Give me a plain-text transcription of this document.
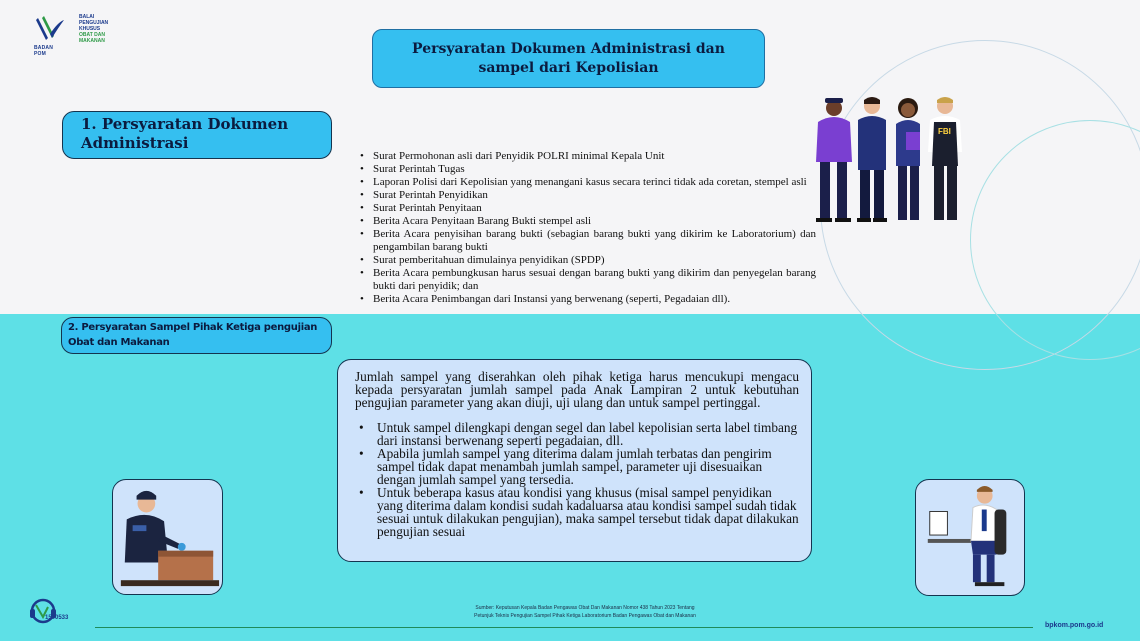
BADAN POM
BALAI
PENGUJIAN
KHUSUS
OBAT DAN
MAKANAN	Persyaratan Dokumen Administrasi dan sampel dari Kepolisian
1. Persyaratan Dokumen Administrasi
• Surat Permohonan asli dari Penyidik POLRI minimal Kepala Unit
• Surat Perintah Tugas
• Laporan Polisi dari Kepolisian yang menangani kasus secara terinci tidak ada coretan, stempel asli
• Surat Perintah Penyidikan
• Surat Perintah Penyitaan
• Berita Acara Penyitaan Barang Bukti stempel asli
• Berita Acara penyisihan barang bukti (sebagian barang bukti yang dikirim ke Laboratorium) dan pengambilan barang bukti
• Surat pemberitahuan dimulainya penyidikan (SPDP)
• Berita Acara pembungkusan harus sesuai dengan barang bukti yang dikirim dan penyegelan barang bukti dari penyidik; dan
• Berita Acara Penimbangan dari Instansi yang berwenang (seperti, Pegadaian dll).
FBI
2. Persyaratan Sampel Pihak Ketiga pengujian Obat dan Makanan

Jumlah sampel yang diserahkan oleh pihak ketiga harus mencukupi mengacu kepada persyaratan jumlah sampel pada Anak Lampiran 2 untuk kebutuhan pengujian parameter yang akan diuji, uji ulang dan untuk sampel pertinggal.

• Untuk sampel dilengkapi dengan segel dan label kepolisian serta label timbang dari instansi berwenang seperti pegadaian, dll.
• Apabila jumlah sampel yang diterima dalam jumlah terbatas dan pengirim sampel tidak dapat menambah jumlah sampel, parameter uji disesuaikan dengan jumlah sampel yang tersedia.
• Untuk beberapa kasus atau kondisi yang khusus (misal sampel penyidikan yang diterima dalam kondisi sudah kadaluarsa atau kondisi sampel sudah tidak sesuai untuk dilakukan pengujian), maka sampel tersebut tidak dapat dilakukan pengujian sesuai
1500533
Sumber: Keputusan Kepala Badan Pengawas Obat Dan Makanan Nomor 438 Tahun 2023 Tentang
Petunjuk Teknis Pengujian Sampel Pihak Ketiga Laboratorium Badan Pengawas Obat dan Makanan
bpkom.pom.go.id
